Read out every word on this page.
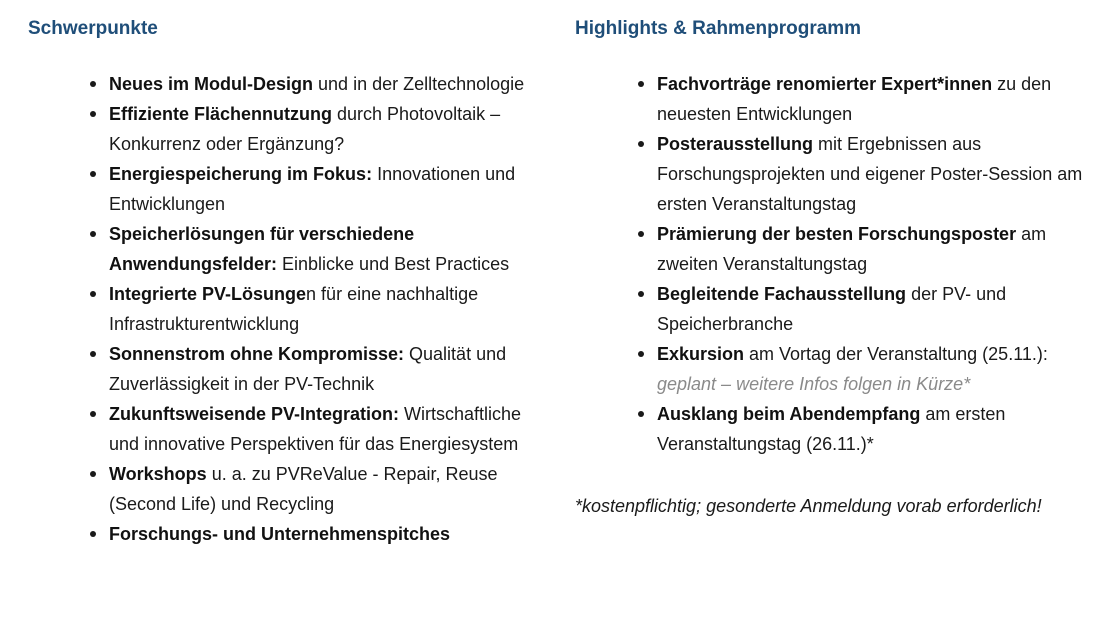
Schwerpunkte
Neues im Modul-Design und in der Zelltechnologie
Effiziente Flächennutzung durch Photovoltaik – Konkurrenz oder Ergänzung?
Energiespeicherung im Fokus: Innovationen und Entwicklungen
Speicherlösungen für verschiedene Anwendungsfelder: Einblicke und Best Practices
Integrierte PV-Lösungen für eine nachhaltige Infrastrukturentwicklung
Sonnenstrom ohne Kompromisse: Qualität und Zuverlässigkeit in der PV-Technik
Zukunftsweisende PV-Integration: Wirtschaftliche und innovative Perspektiven für das Energiesystem
Workshops u. a. zu PVReValue - Repair, Reuse (Second Life) und Recycling
Forschungs- und Unternehmenspitches
Highlights & Rahmenprogramm
Fachvorträge renomierter Expert*innen zu den neuesten Entwicklungen
Posterausstellung mit Ergebnissen aus Forschungsprojekten und eigener Poster-Session am ersten Veranstaltungstag
Prämierung der besten Forschungsposter am zweiten Veranstaltungstag
Begleitende Fachausstellung der PV- und Speicherbranche
Exkursion am Vortag der Veranstaltung (25.11.):
geplant – weitere Infos folgen in Kürze*
Ausklang beim Abendempfang am ersten Veranstaltungstag (26.11.)*

*kostenpflichtig; gesonderte Anmeldung vorab erforderlich!
